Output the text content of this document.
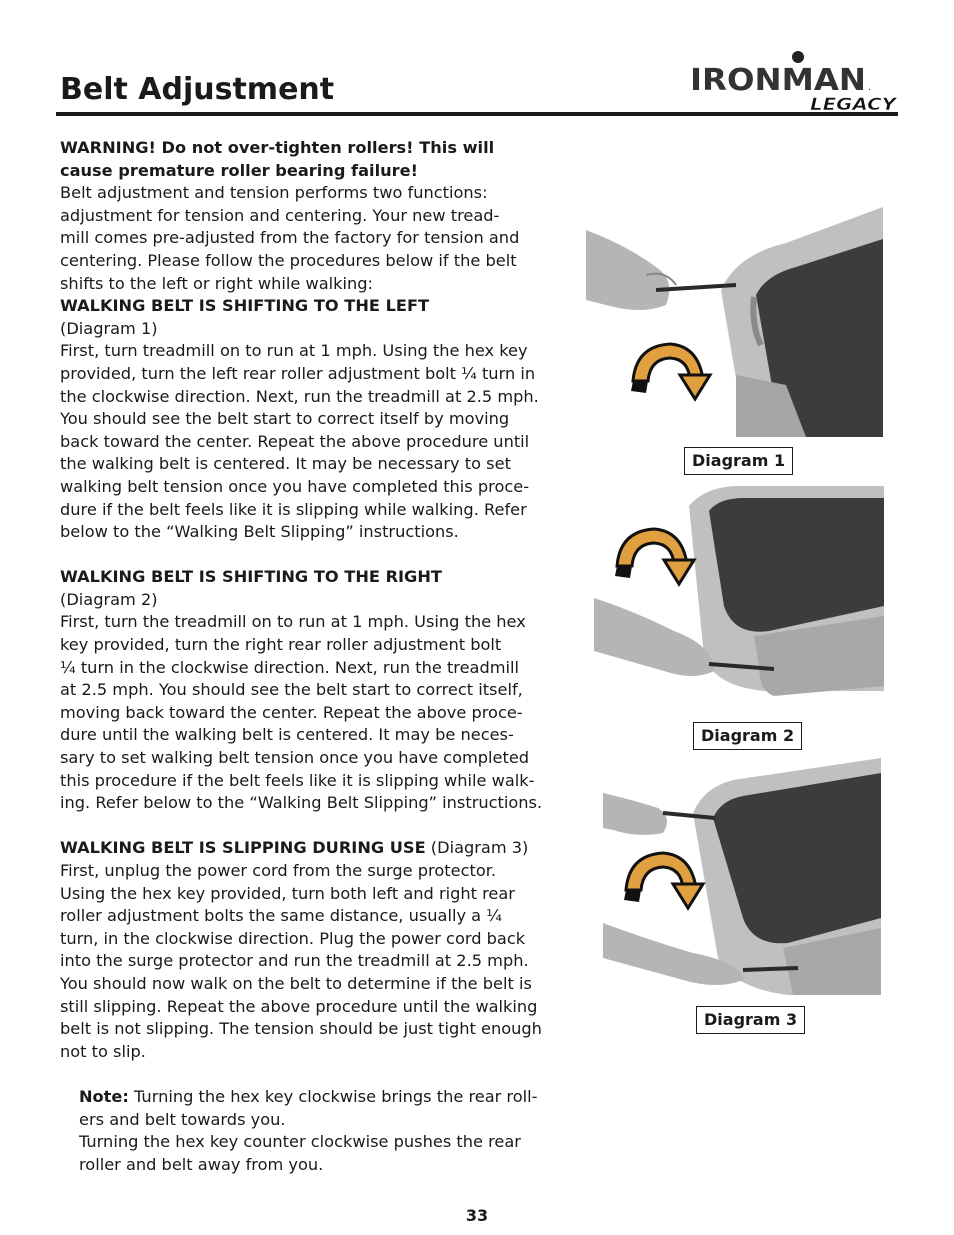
Belt Adjustment	IRONMAN .
LEGACY

WARNING! Do not over-tighten rollers! This will

cause premature roller bearing failure!

Belt adjustment and tension performs two functions:

adjustment for tension and centering. Your new tread-

mill comes pre-adjusted from the factory for tension and

centering. Please follow the procedures below if the belt

shifts to the left or right while walking:

WALKING BELT IS SHIFTING TO THE LEFT

(Diagram 1)

First, turn treadmill on to run at 1 mph. Using the hex key

provided, turn the left rear roller adjustment bolt ¼ turn in

the clockwise direction. Next, run the treadmill at 2.5 mph.

You should see the belt start to correct itself by moving

back toward the center. Repeat the above procedure until

the walking belt is centered. It may be necessary to set

walking belt tension once you have completed this proce-

dure if the belt feels like it is slipping while walking. Refer

below to the “Walking Belt Slipping” instructions.

WALKING BELT IS SHIFTING TO THE RIGHT

(Diagram 2)

First, turn the treadmill on to run at 1 mph. Using the hex

key provided, turn the right rear roller adjustment bolt

¼ turn in the clockwise direction. Next, run the treadmill

at 2.5 mph. You should see the belt start to correct itself,

moving back toward the center. Repeat the above proce-

dure until the walking belt is centered. It may be neces-

sary to set walking belt tension once you have completed

this procedure if the belt feels like it is slipping while walk-

ing. Refer below to the “Walking Belt Slipping” instructions.

WALKING BELT IS SLIPPING DURING USE (Diagram 3)

First, unplug the power cord from the surge protector.

Using the hex key provided, turn both left and right rear

roller adjustment bolts the same distance, usually a ¼

turn, in the clockwise direction. Plug the power cord back

into the surge protector and run the treadmill at 2.5 mph.

You should now walk on the belt to determine if the belt is

still slipping. Repeat the above procedure until the walking

belt is not slipping. The tension should be just tight enough

not to slip.

Note: Turning the hex key clockwise brings the rear roll-

ers and belt towards you.

Turning the hex key counter clockwise pushes the rear

roller and belt away from you.

Diagram 1
Diagram 2
Diagram 3
33
